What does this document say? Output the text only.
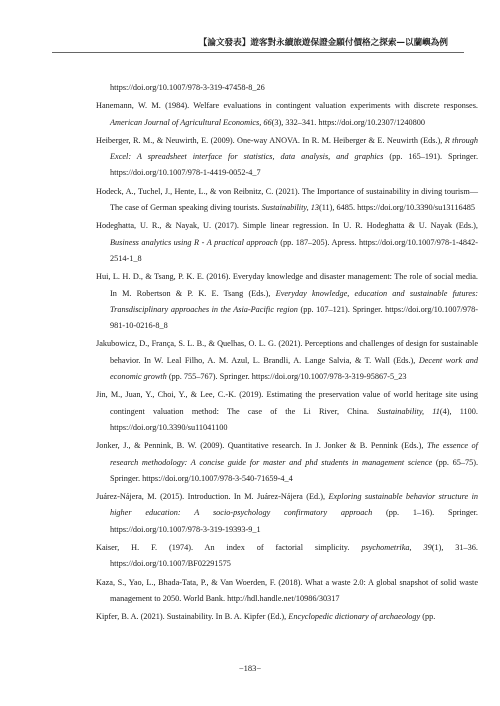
【論文發表】遊客對永續旅遊保證金願付價格之探索—以蘭嶼為例

https://doi.org/10.1007/978-3-319-47458-8_26

Hanemann, W. M. (1984). Welfare evaluations in contingent valuation experiments with discrete responses. American Journal of Agricultural Economics, 66(3), 332–341. https://doi.org/10.2307/1240800

Heiberger, R. M., & Neuwirth, E. (2009). One-way ANOVA. In R. M. Heiberger & E. Neuwirth (Eds.), R through Excel: A spreadsheet interface for statistics, data analysis, and graphics (pp. 165–191). Springer. https://doi.org/10.1007/978-1-4419-0052-4_7

Hodeck, A., Tuchel, J., Hente, L., & von Reibnitz, C. (2021). The Importance of sustainability in diving tourism—The case of German speaking diving tourists. Sustainability, 13(11), 6485. https://doi.org/10.3390/su13116485

Hodeghatta, U. R., & Nayak, U. (2017). Simple linear regression. In U. R. Hodeghatta & U. Nayak (Eds.), Business analytics using R - A practical approach (pp. 187–205). Apress. https://doi.org/10.1007/978-1-4842-2514-1_8

Hui, L. H. D., & Tsang, P. K. E. (2016). Everyday knowledge and disaster management: The role of social media. In M. Robertson & P. K. E. Tsang (Eds.), Everyday knowledge, education and sustainable futures: Transdisciplinary approaches in the Asia-Pacific region (pp. 107–121). Springer. https://doi.org/10.1007/978-981-10-0216-8_8

Jakubowicz, D., França, S. L. B., & Quelhas, O. L. G. (2021). Perceptions and challenges of design for sustainable behavior. In W. Leal Filho, A. M. Azul, L. Brandli, A. Lange Salvia, & T. Wall (Eds.), Decent work and economic growth (pp. 755–767). Springer. https://doi.org/10.1007/978-3-319-95867-5_23

Jin, M., Juan, Y., Choi, Y., & Lee, C.-K. (2019). Estimating the preservation value of world heritage site using contingent valuation method: The case of the Li River, China. Sustainability, 11(4), 1100. https://doi.org/10.3390/su11041100

Jonker, J., & Pennink, B. W. (2009). Quantitative research. In J. Jonker & B. Pennink (Eds.), The essence of research methodology: A concise guide for master and phd students in management science (pp. 65–75). Springer. https://doi.org/10.1007/978-3-540-71659-4_4

Juárez-Nájera, M. (2015). Introduction. In M. Juárez-Nájera (Ed.), Exploring sustainable behavior structure in higher education: A socio-psychology confirmatory approach (pp. 1–16). Springer. https://doi.org/10.1007/978-3-319-19393-9_1

Kaiser, H. F. (1974). An index of factorial simplicity. psychometrika, 39(1), 31–36. https://doi.org/10.1007/BF02291575

Kaza, S., Yao, L., Bhada-Tata, P., & Van Woerden, F. (2018). What a waste 2.0: A global snapshot of solid waste management to 2050. World Bank. http://hdl.handle.net/10986/30317

Kipfer, B. A. (2021). Sustainability. In B. A. Kipfer (Ed.), Encyclopedic dictionary of archaeology (pp.

−183−
